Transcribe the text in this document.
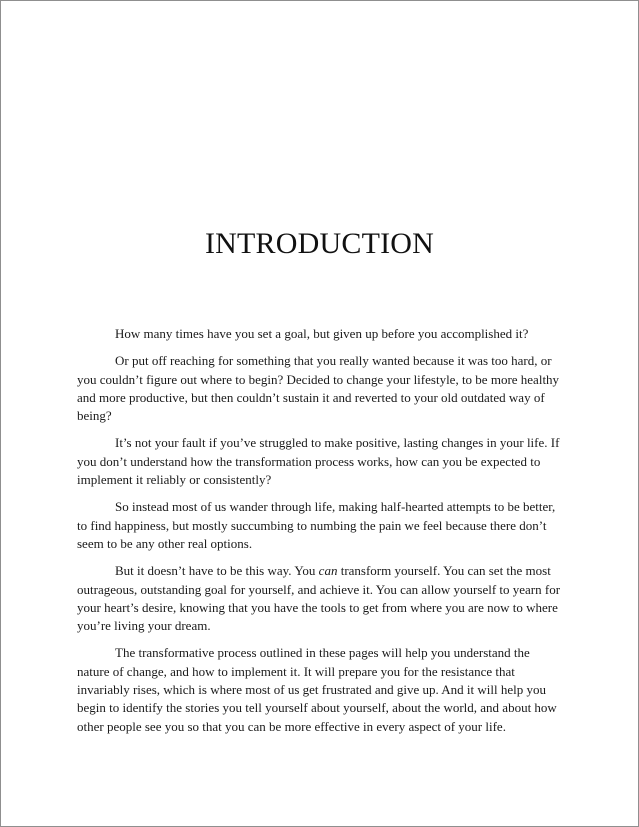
INTRODUCTION

How many times have you set a goal, but given up before you accomplished it?

Or put off reaching for something that you really wanted because it was too hard, or you couldn’t figure out where to begin? Decided to change your lifestyle, to be more healthy and more productive, but then couldn’t sustain it and reverted to your old outdated way of being?

It’s not your fault if you’ve struggled to make positive, lasting changes in your life. If you don’t understand how the transformation process works, how can you be expected to implement it reliably or consistently?

So instead most of us wander through life, making half-hearted attempts to be better, to find happiness, but mostly succumbing to numbing the pain we feel because there don’t seem to be any other real options.

But it doesn’t have to be this way. You can transform yourself. You can set the most outrageous, outstanding goal for yourself, and achieve it. You can allow yourself to yearn for your heart’s desire, knowing that you have the tools to get from where you are now to where you’re living your dream.

The transformative process outlined in these pages will help you understand the nature of change, and how to implement it. It will prepare you for the resistance that invariably rises, which is where most of us get frustrated and give up. And it will help you begin to identify the stories you tell yourself about yourself, about the world, and about how other people see you so that you can be more effective in every aspect of your life.
